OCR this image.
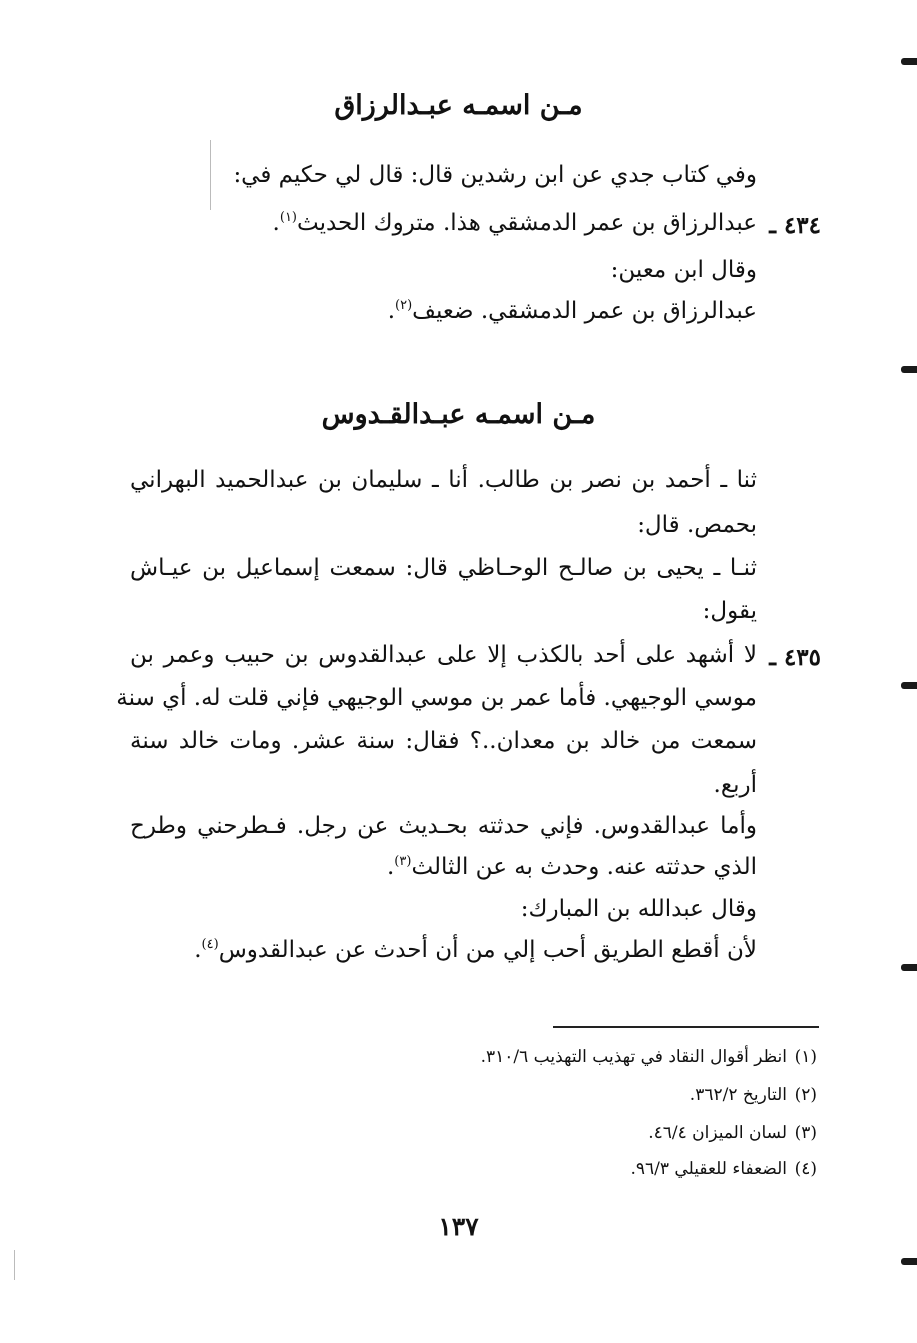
مـن اسمـه عبـدالرزاق
وفي كتاب جدي عن ابن رشدين قال: قال لي حكيم في:
٤٣٤ ـ
عبدالرزاق بن عمر الدمشقي هذا. متروك الحديث$^{(١)}$.
وقال ابن معين:
عبدالرزاق بن عمر الدمشقي. ضعيف$^{(٢)}$.
مـن اسمـه عبـدالقـدوس
ثنا ـ أحمد بن نصر بن طالب. أنا ـ سليمان بن عبدالحميد البهراني
بحمص. قال:
ثنـا ـ يحيى بن صالـح الوحـاظي قال: سمعت إسماعيل بن عيـاش
يقول:
٤٣٥ ـ
لا أشهد على أحد بالكذب إلا على عبدالقدوس بن حبيب وعمر بن
موسي الوجيهي. فأما عمر بن موسي الوجيهي فإني قلت له. أي سنة
سمعت من خالد بن معدان..؟ فقال: سنة عشر. ومات خالد سنة
أربع.
وأما عبدالقدوس. فإني حدثته بحـديث عن رجل. فـطرحني وطرح
الذي حدثته عنه. وحدث به عن الثالث$^{(٣)}$.
وقال عبدالله بن المبارك:
لأن أقطع الطريق أحب إلي من أن أحدث عن عبدالقدوس$^{(٤)}$.
(١)انظر أقوال النقاد في تهذيب التهذيب ٣١٠/٦.
(٢)التاريخ ٣٦٢/٢.
(٣)لسان الميزان ٤٦/٤.
(٤)الضعفاء للعقيلي ٩٦/٣.
١٣٧
